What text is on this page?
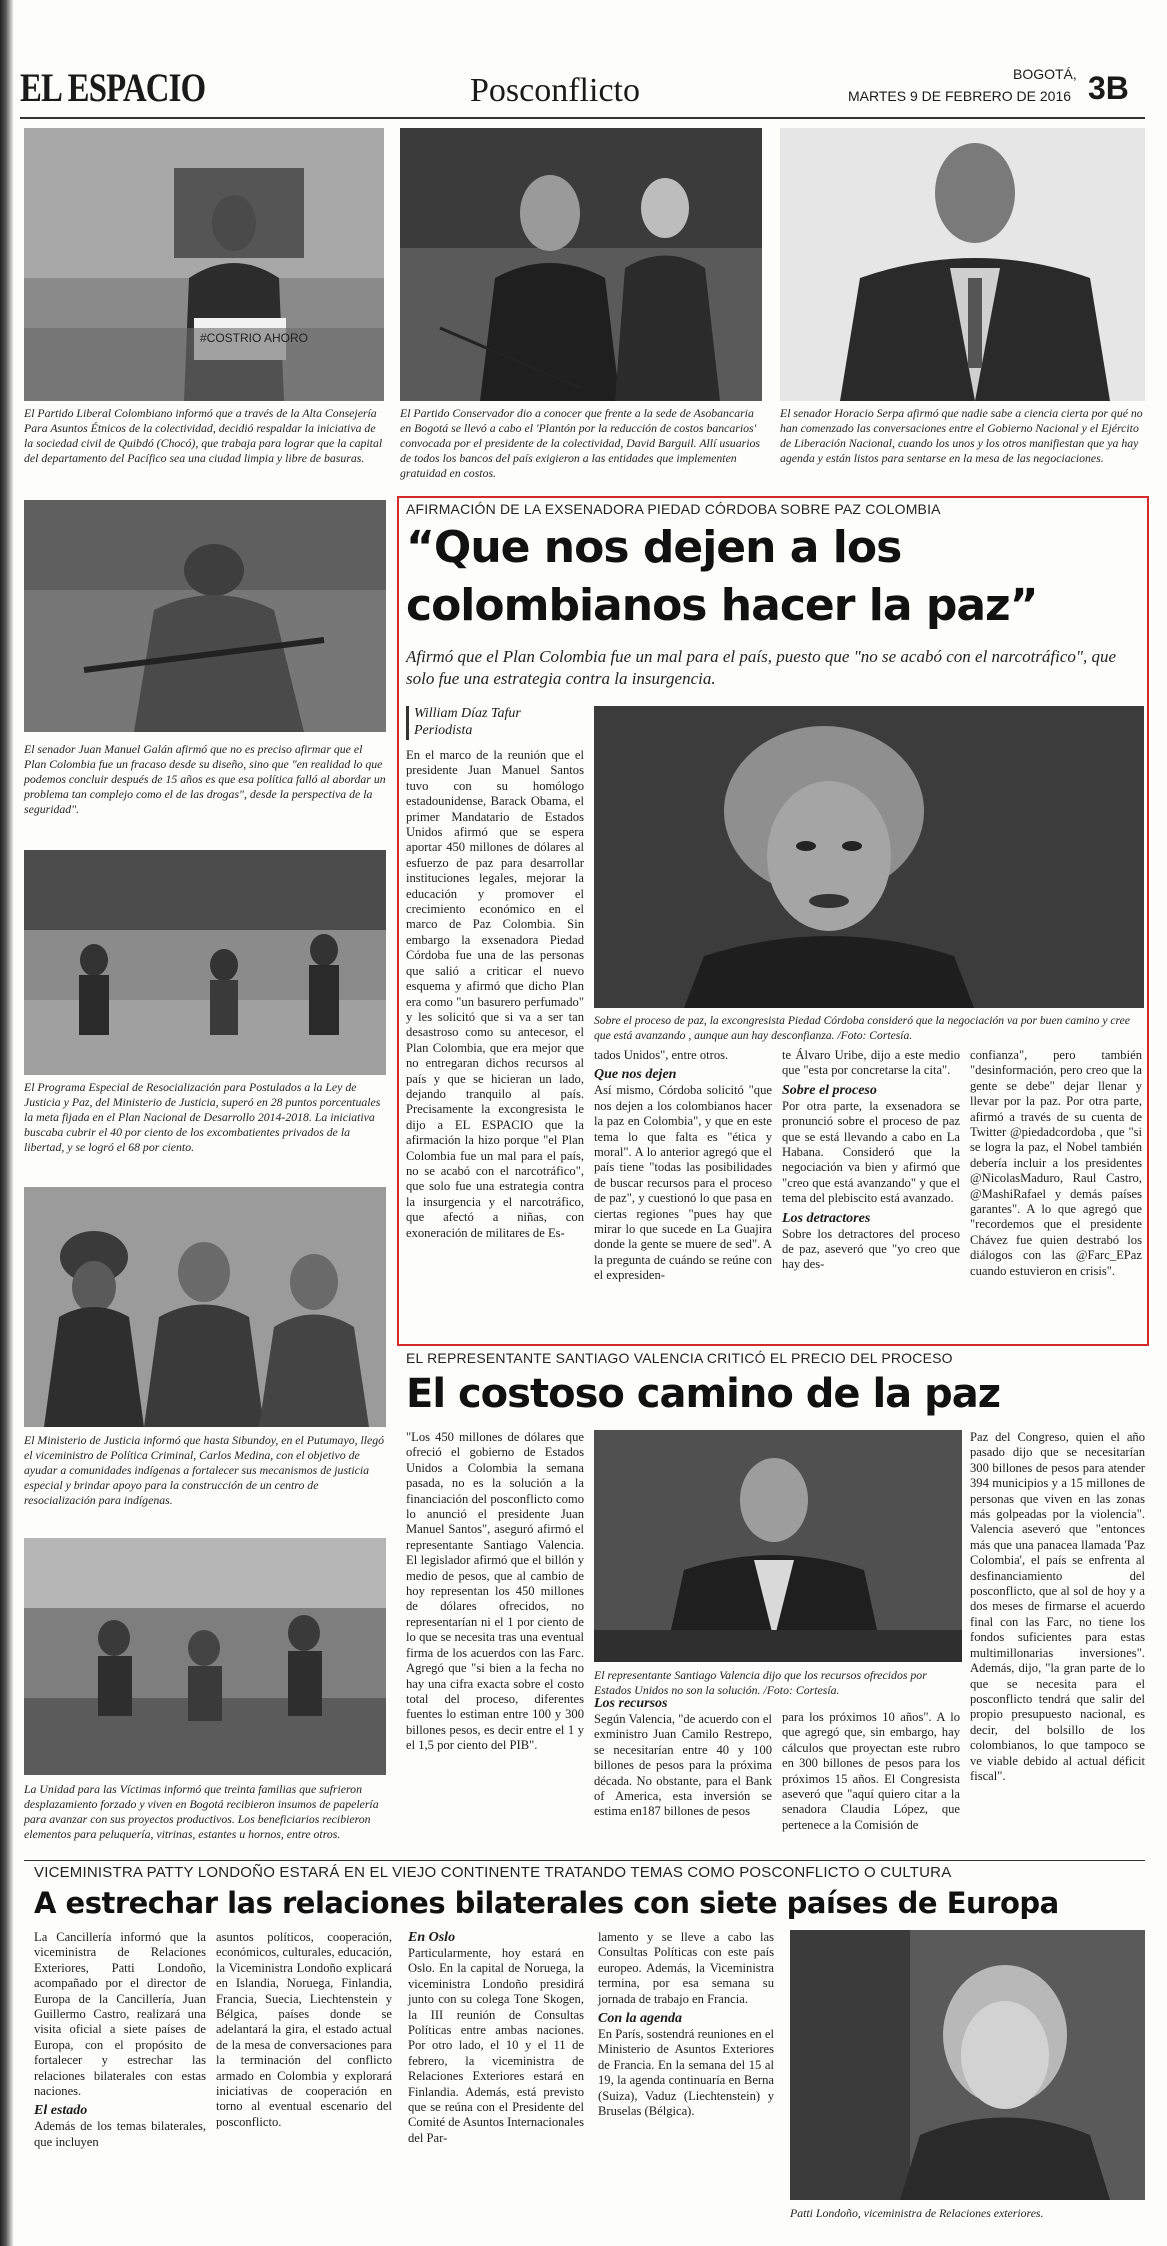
EL ESPACIO	Posconflicto	BOGOTÁ,
MARTES 9 DE FEBRERO DE 2016 3B
#COSTRIO AHORO
El Partido Liberal Colombiano informó que a través de la Alta Consejería Para Asuntos Étnicos de la colectividad, decidió respaldar la iniciativa de la sociedad civil de Quibdó (Chocó), que trabaja para lograr que la capital del departamento del Pacífico sea una ciudad limpia y libre de basuras.
El Partido Conservador dio a conocer que frente a la sede de Asobancaria en Bogotá se llevó a cabo el 'Plantón por la reducción de costos bancarios' convocada por el presidente de la colectividad, David Barguil. Allí usuarios de todos los bancos del país exigieron a las entidades que implementen gratuidad en costos.
El senador Horacio Serpa afirmó que nadie sabe a ciencia cierta por qué no han comenzado las conversaciones entre el Gobierno Nacional y el Ejército de Liberación Nacional, cuando los unos y los otros manifiestan que ya hay agenda y están listos para sentarse en la mesa de las negociaciones.
El senador Juan Manuel Galán afirmó que no es preciso afirmar que el Plan Colombia fue un fracaso desde su diseño, sino que "en realidad lo que podemos concluir después de 15 años es que esa política falló al abordar un problema tan complejo como el de las drogas", desde la perspectiva de la seguridad".
El Programa Especial de Resocialización para Postulados a la Ley de Justicia y Paz, del Ministerio de Justicia, superó en 28 puntos porcentuales la meta fijada en el Plan Nacional de Desarrollo 2014-2018. La iniciativa buscaba cubrir el 40 por ciento de los excombatientes privados de la libertad, y se logró el 68 por ciento.
El Ministerio de Justicia informó que hasta Sibundoy, en el Putumayo, llegó el viceministro de Política Criminal, Carlos Medina, con el objetivo de ayudar a comunidades indígenas a fortalecer sus mecanismos de justicia especial y brindar apoyo para la construcción de un centro de resocialización para indígenas.
La Unidad para las Víctimas informó que treinta familias que sufrieron desplazamiento forzado y viven en Bogotá recibieron insumos de papelería para avanzar con sus proyectos productivos. Los beneficiarios recibieron elementos para peluquería, vitrinas, estantes u hornos, entre otros.
AFIRMACIÓN DE LA EXSENADORA PIEDAD CÓRDOBA SOBRE PAZ COLOMBIA
“Que nos dejen a los
colombianos hacer la paz”
Afirmó que el Plan Colombia fue un mal para el país, puesto que "no se acabó con el narcotráfico", que solo fue una estrategia contra la insurgencia.
William Díaz Tafur
Periodista
Sobre el proceso de paz, la excongresista Piedad Córdoba consideró que la negociación va por buen camino y cree que está avanzando , aunque aun hay desconfianza. /Foto: Cortesía.
En el marco de la reunión que el presidente Juan Manuel Santos tuvo con su homólogo estadounidense, Barack Obama, el primer Mandatario de Estados Unidos afirmó que se espera aportar 450 millones de dólares al esfuerzo de paz para desarrollar instituciones legales, mejorar la educación y promover el crecimiento económico en el marco de Paz Colombia. Sin embargo la exsenadora Piedad Córdoba fue una de las personas que salió a criticar el nuevo esquema y afirmó que dicho Plan era como "un basurero perfumado" y les solicitó que si va a ser tan desastroso como su antecesor, el Plan Colombia, que era mejor que no entregaran dichos recursos al país y que se hicieran un lado, dejando tranquilo al país. Precisamente la excongresista le dijo a EL ESPACIO que la afirmación la hizo porque "el Plan Colombia fue un mal para el país, no se acabó con el narcotráfico", que solo fue una estrategia contra la insurgencia y el narcotráfico, que afectó a niñas, con exoneración de militares de Es-
tados Unidos", entre otros.
Que nos dejen
Así mismo, Córdoba solicitó "que nos dejen a los colombianos hacer la paz en Colombia", y que en este tema lo que falta es "ética y moral". A lo anterior agregó que el país tiene "todas las posibilidades de buscar recursos para el proceso de paz", y cuestionó lo que pasa en ciertas regiones "pues hay que mirar lo que sucede en La Guajira donde la gente se muere de sed". A la pregunta de cuándo se reúne con el expresiden-
te Álvaro Uribe, dijo a este medio que "esta por concretarse la cita".
Sobre el proceso
Por otra parte, la exsenadora se pronunció sobre el proceso de paz que se está llevando a cabo en La Habana. Consideró que la negociación va bien y afirmó que "creo que está avanzando" y que el tema del plebiscito está avanzado.
Los detractores
Sobre los detractores del proceso de paz, aseveró que "yo creo que hay des-
confianza", pero también "desinformación, pero creo que la gente se debe" dejar llenar y llevar por la paz. Por otra parte, afirmó a través de su cuenta de Twitter @piedadcordoba , que "si se logra la paz, el Nobel también debería incluir a los presidentes @NicolasMaduro, Raul Castro, @MashiRafael y demás países garantes". A lo que agregó que "recordemos que el presidente Chávez fue quien destrabó los diálogos con las @Farc_EPaz cuando estuvieron en crisis".
EL REPRESENTANTE SANTIAGO VALENCIA CRITICÓ EL PRECIO DEL PROCESO
El costoso camino de la paz
"Los 450 millones de dólares que ofreció el gobierno de Estados Unidos a Colombia la semana pasada, no es la solución a la financiación del posconflicto como lo anunció el presidente Juan Manuel Santos", aseguró afirmó el representante Santiago Valencia. El legislador afirmó que el billón y medio de pesos, que al cambio de hoy representan los 450 millones de dólares ofrecidos, no representarían ni el 1 por ciento de lo que se necesita tras una eventual firma de los acuerdos con las Farc. Agregó que "si bien a la fecha no hay una cifra exacta sobre el costo total del proceso, diferentes fuentes lo estiman entre 100 y 300 billones pesos, es decir entre el 1 y el 1,5 por ciento del PIB".
El representante Santiago Valencia dijo que los recursos ofrecidos por Estados Unidos no son la solución. /Foto: Cortesía.
Los recursos
Según Valencia, "de acuerdo con el exministro Juan Camilo Restrepo, se necesitarían entre 40 y 100 billones de pesos para la próxima década. No obstante, para el Bank of America, esta inversión se estima en187 billones de pesos
para los próximos 10 años". A lo que agregó que, sin embargo, hay cálculos que proyectan este rubro en 300 billones de pesos para los próximos 15 años. El Congresista aseveró que "aquí quiero citar a la senadora Claudia López, que pertenece a la Comisión de
Paz del Congreso, quien el año pasado dijo que se necesitarían 300 billones de pesos para atender 394 municipios y a 15 millones de personas que viven en las zonas más golpeadas por la violencia". Valencia aseveró que "entonces más que una panacea llamada 'Paz Colombia', el país se enfrenta al desfinanciamiento del posconflicto, que al sol de hoy y a dos meses de firmarse el acuerdo final con las Farc, no tiene los fondos suficientes para estas multimillonarias inversiones". Además, dijo, "la gran parte de lo que se necesita para el posconflicto tendrá que salir del propio presupuesto nacional, es decir, del bolsillo de los colombianos, lo que tampoco se ve viable debido al actual déficit fiscal".
VICEMINISTRA PATTY LONDOÑO ESTARÁ EN EL VIEJO CONTINENTE TRATANDO TEMAS COMO POSCONFLICTO O CULTURA
A estrechar las relaciones bilaterales con siete países de Europa
La Cancillería informó que la viceministra de Relaciones Exteriores, Patti Londoño, acompañado por el director de Europa de la Cancillería, Juan Guillermo Castro, realizará una visita oficial a siete países de Europa, con el propósito de fortalecer y estrechar las relaciones bilaterales con estas naciones.
El estado
Además de los temas bilaterales, que incluyen
asuntos políticos, cooperación, económicos, culturales, educación, la Viceministra Londoño explicará en Islandia, Noruega, Finlandia, Francia, Suecia, Liechtenstein y Bélgica, países donde se adelantará la gira, el estado actual de la mesa de conversaciones para la terminación del conflicto armado en Colombia y explorará iniciativas de cooperación en torno al eventual escenario del posconflicto.
En Oslo
Particularmente, hoy estará en Oslo. En la capital de Noruega, la viceministra Londoño presidirá junto con su colega Tone Skogen, la III reunión de Consultas Políticas entre ambas naciones. Por otro lado, el 10 y el 11 de febrero, la viceministra de Relaciones Exteriores estará en Finlandia. Además, está previsto que se reúna con el Presidente del Comité de Asuntos Internacionales del Par-
lamento y se lleve a cabo las Consultas Políticas con este país europeo. Además, la Viceministra termina, por esa semana su jornada de trabajo en Francia.
Con la agenda
En París, sostendrá reuniones en el Ministerio de Asuntos Exteriores de Francia. En la semana del 15 al 19, la agenda continuaría en Berna (Suiza), Vaduz (Liechtenstein) y Bruselas (Bélgica).
Patti Londoño, viceministra de Relaciones exteriores.
